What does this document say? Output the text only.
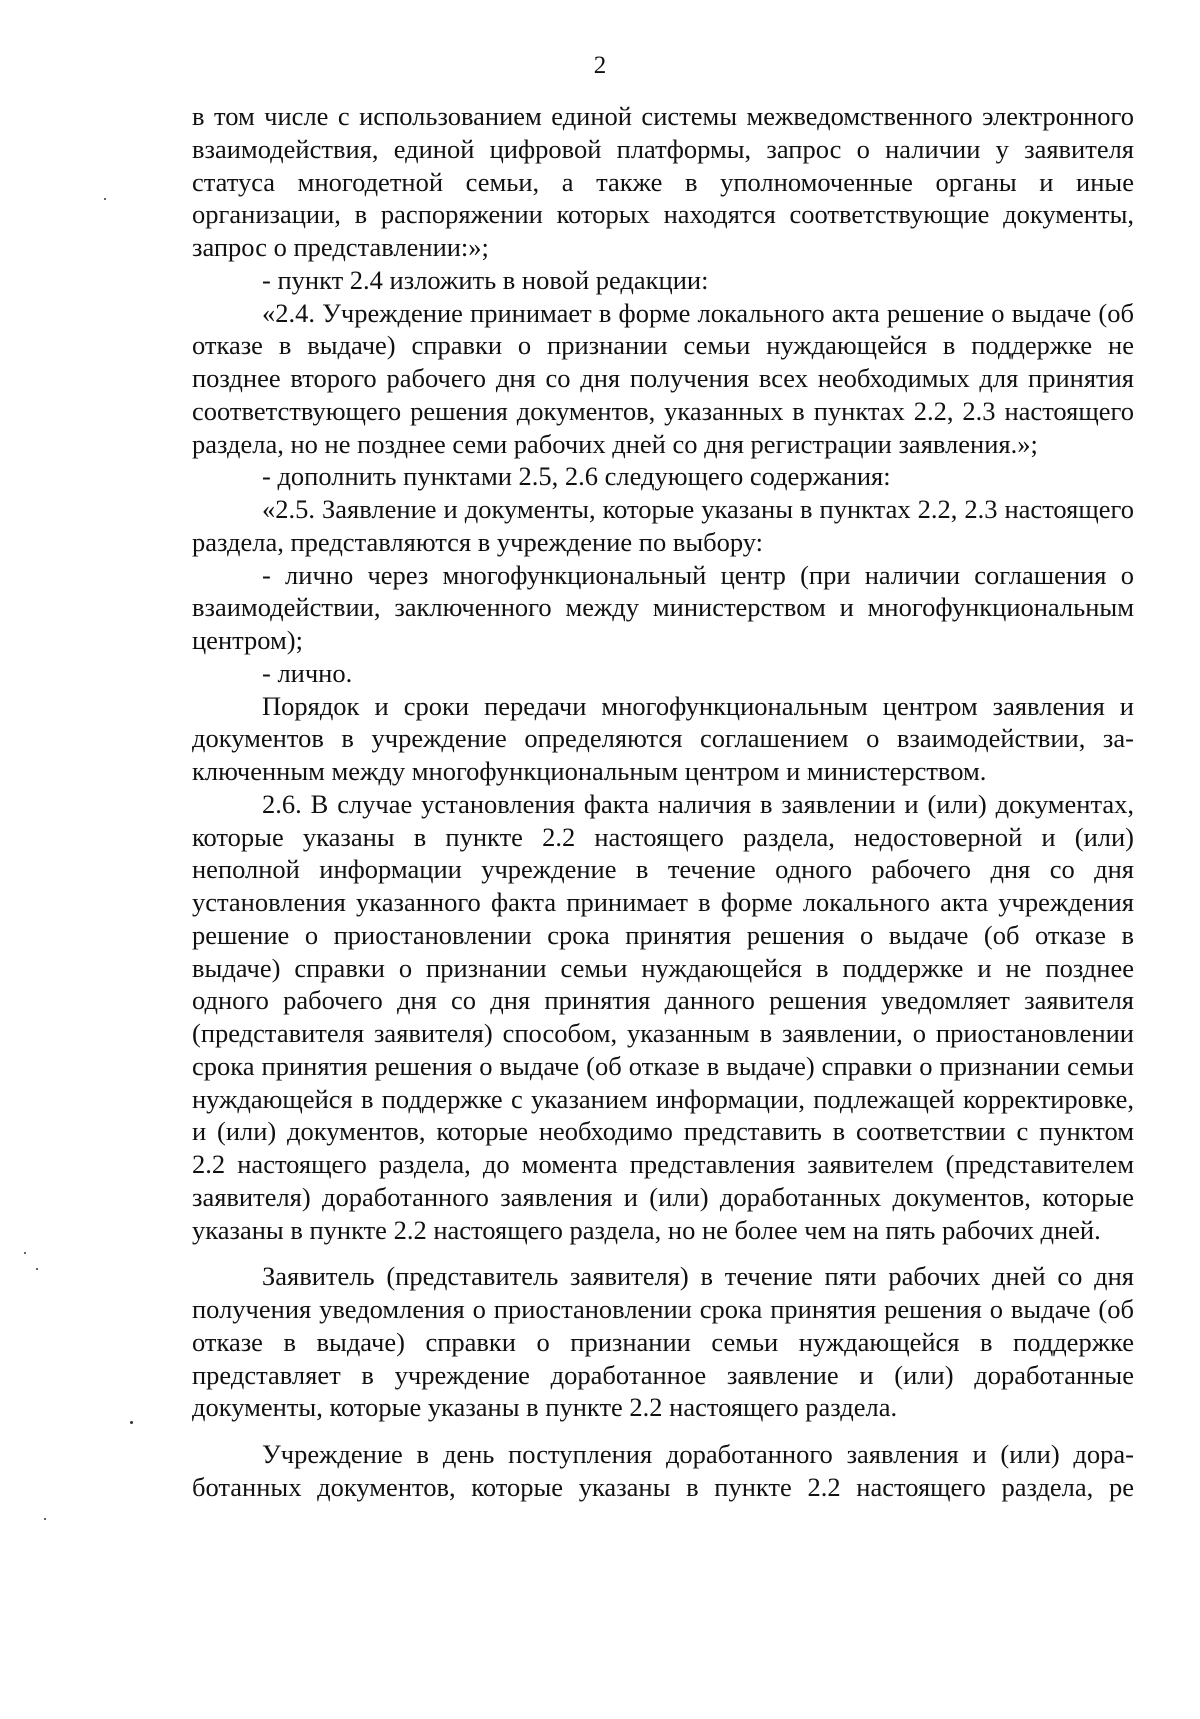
2

в том числе с использованием единой системы межведомственного электронного взаимодействия, единой цифровой платформы, запрос о наличии у заявителя статуса многодетной семьи, а также в уполномоченные органы и иные организации, в распоряжении которых находятся соответствующие документы, запрос о представлении:»;

- пункт 2.4 изложить в новой редакции:

«2.4. Учреждение принимает в форме локального акта решение о выдаче (об отказе в выдаче) справки о признании семьи нуждающейся в поддержке не позднее второго рабочего дня со дня получения всех необходимых для принятия соответствующего решения документов, указанных в пунктах 2.2, 2.3 настоящего раздела, но не позднее семи рабочих дней со дня регистрации заявления.»;

- дополнить пунктами 2.5, 2.6 следующего содержания:

«2.5. Заявление и документы, которые указаны в пунктах 2.2, 2.3 настоящего раздела, представляются в учреждение по выбору:

- лично через многофункциональный центр (при наличии соглашения о взаимодействии, заключенного между министерством и многофункциональным центром);

- лично.

Порядок и сроки передачи многофункциональным центром заявления и документов в учреждение определяются соглашением о взаимодействии, заключенным между многофункциональным центром и министерством.

2.6. В случае установления факта наличия в заявлении и (или) документах, которые указаны в пункте 2.2 настоящего раздела, недостоверной и (или) неполной информации учреждение в течение одного рабочего дня со дня установления указанного факта принимает в форме локального акта учреждения решение о приостановлении срока принятия решения о выдаче (об отказе в выдаче) справки о признании семьи нуждающейся в поддержке и не позднее одного рабочего дня со дня принятия данного решения уведомляет заявителя (представителя заявителя) способом, указанным в заявлении, о приостановлении срока принятия решения о выдаче (об отказе в выдаче) справки о признании семьи нуждающейся в поддержке с указанием информации, подлежащей корректировке, и (или) документов, которые необходимо представить в соответствии с пунктом 2.2 настоящего раздела, до момента представления заявителем (представителем заявителя) доработанного заявления и (или) доработанных документов, которые указаны в пункте 2.2 настоящего раздела, но не более чем на пять рабочих дней.

Заявитель (представитель заявителя) в течение пяти рабочих дней со дня получения уведомления о приостановлении срока принятия решения о выдаче (об отказе в выдаче) справки о признании семьи нуждающейся в поддержке представляет в учреждение доработанное заявление и (или) доработанные документы, которые указаны в пункте 2.2 настоящего раздела.

Учреждение в день поступления доработанного заявления и (или) доработанных документов, которые указаны в пункте 2.2 настоящего раздела, ре
